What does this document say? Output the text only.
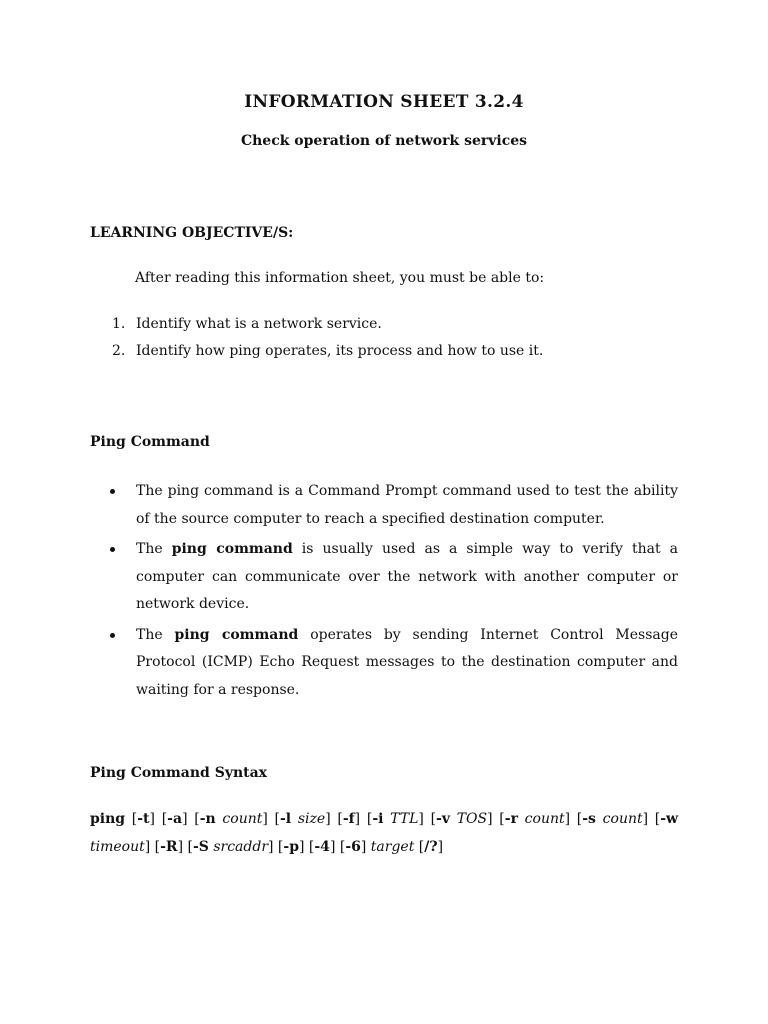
INFORMATION SHEET 3.2.4
Check operation of network services
LEARNING OBJECTIVE/S:
After reading this information sheet, you must be able to:
1. Identify what is a network service.
2. Identify how ping operates, its process and how to use it.
Ping Command
The ping command is a Command Prompt command used to test the ability of the source computer to reach a specified destination computer.
The ping command is usually used as a simple way to verify that a computer can communicate over the network with another computer or network device.
The ping command operates by sending Internet Control Message Protocol (ICMP) Echo Request messages to the destination computer and waiting for a response.
Ping Command Syntax
ping [-t] [-a] [-n count] [-l size] [-f] [-i TTL] [-v TOS] [-r count] [-s count] [-w timeout] [-R] [-S srcaddr] [-p] [-4] [-6] target [/?]
